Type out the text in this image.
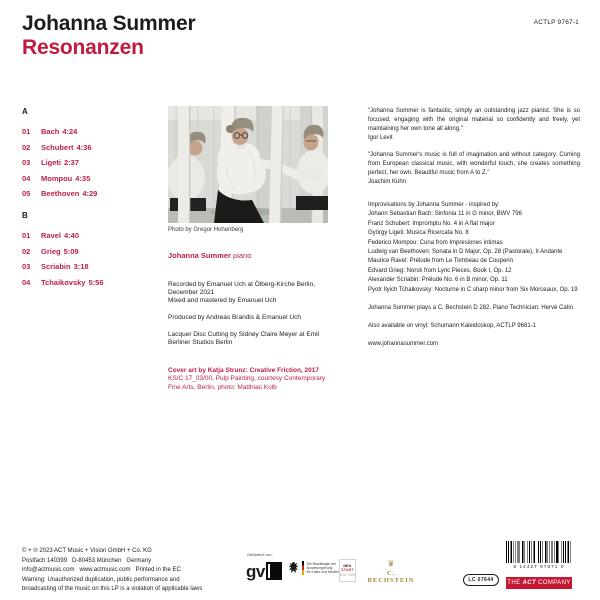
Johanna Summer
Resonanzen
ACTLP 9767-1
A
01	Bach 4:24
02	Schubert 4:36
03	Ligeti 2:37
04	Mompou 4:35
05	Beethoven 4:29
B
01	Ravel 4:40
02	Grieg 5:09
03	Scriabin 3:18
04	Tchaikovsky 5:56
Photo by Gregor Hohenberg
Johanna Summer piano

Recorded by Emanuel Uch at Ölberg-Kirche Berlin, December 2021

Mixed and mastered by Emanuel Uch

Produced by Andreas Brandis & Emanuel Uch

Lacquer Disc Cutting by Sidney Claire Meyer at Emil Berliner Studios Berlin

Cover art by Katja Strunz: Creative Friction, 2017

KS/C 17_03/00, Pulp Painting, courtesy Contemporary Fine Arts, Berlin, photo: Matthias Kolb

"Johanna Summer is fantastic, simply an outstanding jazz pianist. She is so focused, engaging with the original material so confidently and freely, yet maintaining her own tone all along."

Igor Levit

"Johanna Summer's music is full of imagination and without category. Coming from European classical music, with wonderful touch, she creates something perfect, her own. Beautiful music from A to Z."

Joachim Kühn

Improvisations by Johanna Summer - inspired by:

Johann Sebastian Bach: Sinfonia 11 in G minor, BWV 796
Franz Schubert: Impromptu No. 4 in A flat major
György Ligeti: Musica Ricercata No. 8
Federico Mompou: Cuna from Impresiones intimas
Ludwig van Beethoven: Sonata in D Major, Op. 28 (Pastorale), II Andante
Maurice Ravel: Prélude from Le Tombeau de Couperin
Edvard Grieg: Norsk from Lyric Pieces, Book I, Op. 12
Alexander Scriabin: Prélude No. 6 in B minor, Op. 11
Pyotr Ilyich Tchaikovsky: Nocturne in C sharp minor from Six Morceaux, Op. 19

Johanna Summer plays a C. Bechstein D 282. Piano Technician: Hervé Catin

Also available on vinyl: Schumann Kaleidoskop, ACTLP 9681-1

www.johannasummer.com

© + ℗ 2023 ACT Music + Vision GmbH + Co. KG
Postfach 140399   D-80453 München   Germany
info@actmusic.com   www.actmusic.com   Printed in the EC
Warning: Unauthorized duplication, public performance and
broadcasting of the music on this LP is a violation of applicable laws
Gefördert von:
gv	Die Beauftragte der
Bundesregierung
für Kultur und Medien
NEU
START
KULTUR
♛
C. BECHSTEIN	LC 07644
6 14427 97671 0
THE ACT COMPANY
